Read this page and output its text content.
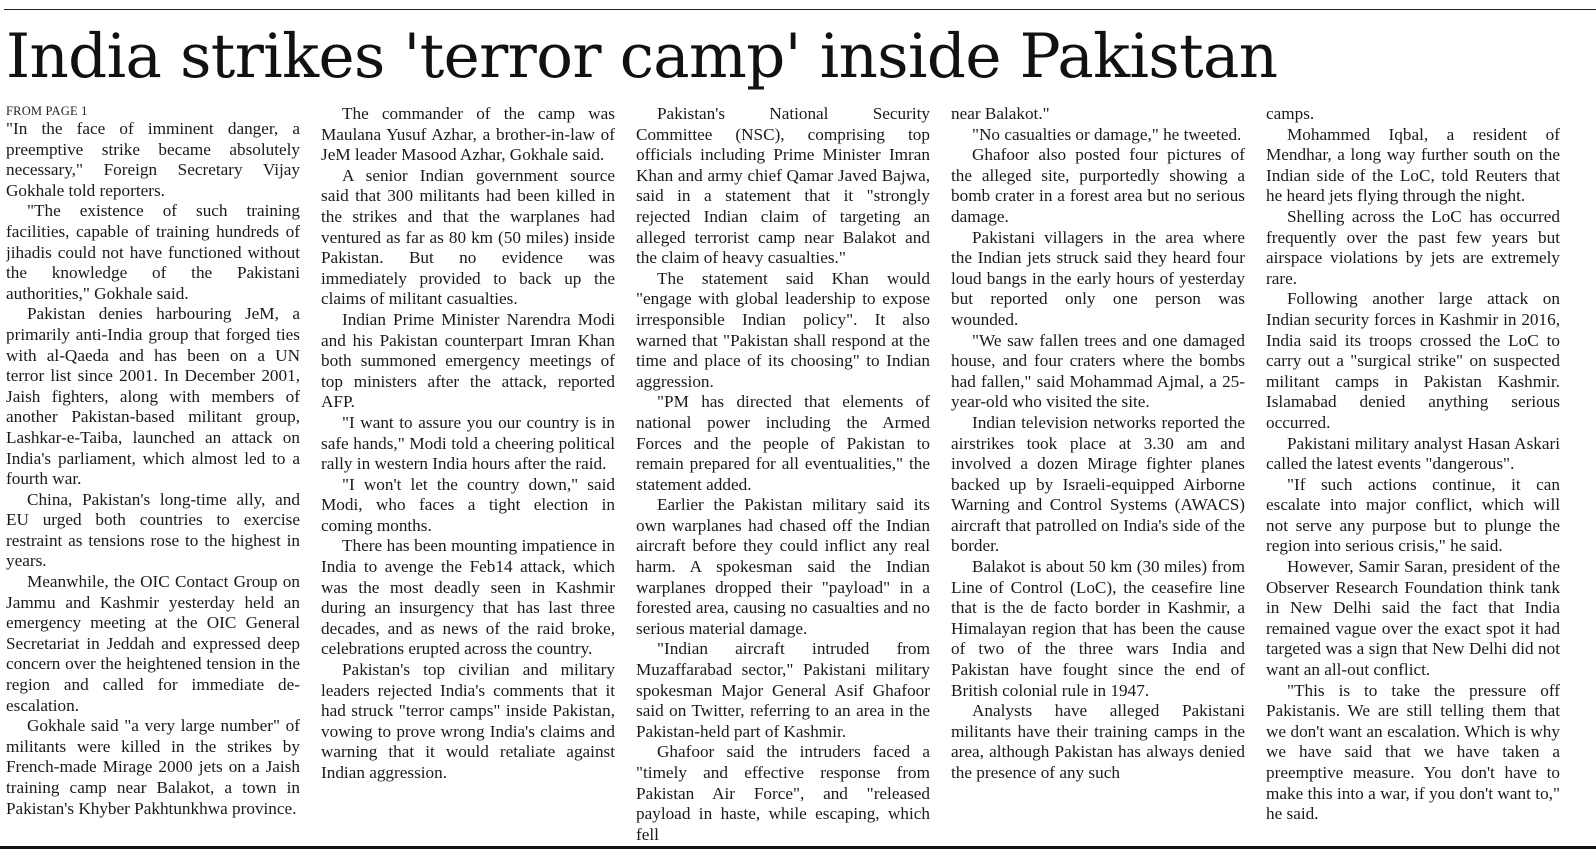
India strikes 'terror camp' inside Pakistan
FROM PAGE 1

"In the face of imminent danger, a preemptive strike became absolutely necessary," Foreign Secretary Vijay Gokhale told reporters.

"The existence of such training facilities, capable of training hundreds of jihadis could not have functioned without the knowledge of the Pakistani authorities," Gokhale said.

Pakistan denies harbouring JeM, a primarily anti-India group that forged ties with al-Qaeda and has been on a UN terror list since 2001. In December 2001, Jaish fighters, along with members of another Pakistan-based militant group, Lashkar-e-Taiba, launched an attack on India's parliament, which almost led to a fourth war.

China, Pakistan's long-time ally, and EU urged both countries to exercise restraint as tensions rose to the highest in years.

Meanwhile, the OIC Contact Group on Jammu and Kashmir yesterday held an emergency meeting at the OIC General Secretariat in Jeddah and expressed deep concern over the heightened tension in the region and called for immediate de-escalation.

Gokhale said "a very large number" of militants were killed in the strikes by French-made Mirage 2000 jets on a Jaish training camp near Balakot, a town in Pakistan's Khyber Pakhtunkhwa province.

The commander of the camp was Maulana Yusuf Azhar, a brother-in-law of JeM leader Masood Azhar, Gokhale said.

A senior Indian government source said that 300 militants had been killed in the strikes and that the warplanes had ventured as far as 80 km (50 miles) inside Pakistan. But no evidence was immediately provided to back up the claims of militant casualties.

Indian Prime Minister Narendra Modi and his Pakistan counterpart Imran Khan both summoned emergency meetings of top ministers after the attack, reported AFP.

"I want to assure you our country is in safe hands," Modi told a cheering political rally in western India hours after the raid.

"I won't let the country down," said Modi, who faces a tight election in coming months.

There has been mounting impatience in India to avenge the Feb14 attack, which was the most deadly seen in Kashmir during an insurgency that has last three decades, and as news of the raid broke, celebrations erupted across the country.

Pakistan's top civilian and military leaders rejected India's comments that it had struck "terror camps" inside Pakistan, vowing to prove wrong India's claims and warning that it would retaliate against Indian aggression.

Pakistan's National Security Committee (NSC), comprising top officials including Prime Minister Imran Khan and army chief Qamar Javed Bajwa, said in a statement that it "strongly rejected Indian claim of targeting an alleged terrorist camp near Balakot and the claim of heavy casualties."

The statement said Khan would "engage with global leadership to expose irresponsible Indian policy". It also warned that "Pakistan shall respond at the time and place of its choosing" to Indian aggression.

"PM has directed that elements of national power including the Armed Forces and the people of Pakistan to remain prepared for all eventualities," the statement added.

Earlier the Pakistan military said its own warplanes had chased off the Indian aircraft before they could inflict any real harm. A spokesman said the Indian warplanes dropped their "payload" in a forested area, causing no casualties and no serious material damage.

"Indian aircraft intruded from Muzaffarabad sector," Pakistani military spokesman Major General Asif Ghafoor said on Twitter, referring to an area in the Pakistan-held part of Kashmir.

Ghafoor said the intruders faced a "timely and effective response from Pakistan Air Force", and "released payload in haste, while escaping, which fell

near Balakot."

"No casualties or damage," he tweeted.

Ghafoor also posted four pictures of the alleged site, purportedly showing a bomb crater in a forest area but no serious damage.

Pakistani villagers in the area where the Indian jets struck said they heard four loud bangs in the early hours of yesterday but reported only one person was wounded.

"We saw fallen trees and one damaged house, and four craters where the bombs had fallen," said Mohammad Ajmal, a 25-year-old who visited the site.

Indian television networks reported the airstrikes took place at 3.30 am and involved a dozen Mirage fighter planes backed up by Israeli-equipped Airborne Warning and Control Systems (AWACS) aircraft that patrolled on India's side of the border.

Balakot is about 50 km (30 miles) from Line of Control (LoC), the ceasefire line that is the de facto border in Kashmir, a Himalayan region that has been the cause of two of the three wars India and Pakistan have fought since the end of British colonial rule in 1947.

Analysts have alleged Pakistani militants have their training camps in the area, although Pakistan has always denied the presence of any such

camps.

Mohammed Iqbal, a resident of Mendhar, a long way further south on the Indian side of the LoC, told Reuters that he heard jets flying through the night.

Shelling across the LoC has occurred frequently over the past few years but airspace violations by jets are extremely rare.

Following another large attack on Indian security forces in Kashmir in 2016, India said its troops crossed the LoC to carry out a "surgical strike" on suspected militant camps in Pakistan Kashmir. Islamabad denied anything serious occurred.

Pakistani military analyst Hasan Askari called the latest events "dangerous".

"If such actions continue, it can escalate into major conflict, which will not serve any purpose but to plunge the region into serious crisis," he said.

However, Samir Saran, president of the Observer Research Foundation think tank in New Delhi said the fact that India remained vague over the exact spot it had targeted was a sign that New Delhi did not want an all-out conflict.

"This is to take the pressure off Pakistanis. We are still telling them that we don't want an escalation. Which is why we have said that we have taken a preemptive measure. You don't have to make this into a war, if you don't want to," he said.
